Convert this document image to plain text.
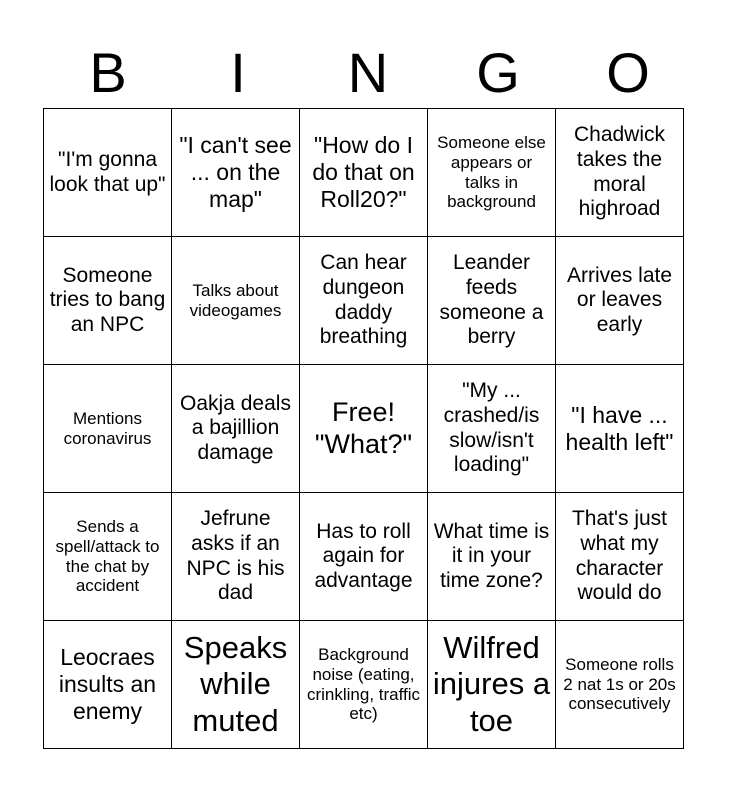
B	I	N	G	O
"I'm gonna look that up"	"I can't see ... on the map"	"How do I do that on Roll20?"	Someone else appears or talks in background	Chadwick takes the moral highroad
Someone tries to bang an NPC	Talks about videogames	Can hear dungeon daddy breathing	Leander feeds someone a berry	Arrives late or leaves early
Mentions coronavirus	Oakja deals a bajillion damage	Free! "What?"	"My ... crashed/is slow/isn't loading"	"I have ... health left"
Sends a spell/attack to the chat by accident	Jefrune asks if an NPC is his dad	Has to roll again for advantage	What time is it in your time zone?	That's just what my character would do
Leocraes insults an enemy	Speaks while muted	Background noise (eating, crinkling, traffic etc)	Wilfred injures a toe	Someone rolls 2 nat 1s or 20s consecutively
